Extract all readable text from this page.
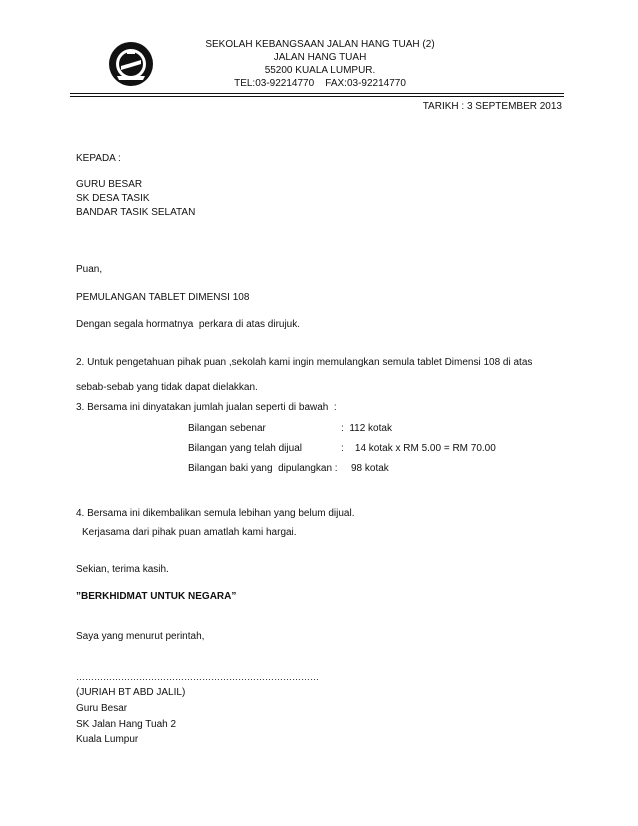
SEKOLAH KEBANGSAAN JALAN HANG TUAH (2)
JALAN HANG TUAH
55200 KUALA LUMPUR.
TEL:03-92214770    FAX:03-92214770
TARIKH : 3 SEPTEMBER 2013
KEPADA :
GURU BESAR
SK DESA TASIK
BANDAR TASIK SELATAN
Puan,
PEMULANGAN TABLET DIMENSI 108
Dengan segala hormatnya  perkara di atas dirujuk.
2. Untuk pengetahuan pihak puan ,sekolah kami ingin memulangkan semula tablet Dimensi 108 di atas
sebab-sebab yang tidak dapat dielakkan.
3. Bersama ini dinyatakan jumlah jualan seperti di bawah  :
Bilangan sebenar	:  112 kotak
Bilangan yang telah dijual	:    14 kotak x RM 5.00 = RM 70.00
Bilangan baki yang  dipulangkan : 98 kotak
4. Bersama ini dikembalikan semula lebihan yang belum dijual.
Kerjasama dari pihak puan amatlah kami hargai.
Sekian, terima kasih.
”BERKHIDMAT UNTUK NEGARA”
Saya yang menurut perintah,
………………………………………………………………………
(JURIAH BT ABD JALIL)
Guru Besar
SK Jalan Hang Tuah 2
Kuala Lumpur
